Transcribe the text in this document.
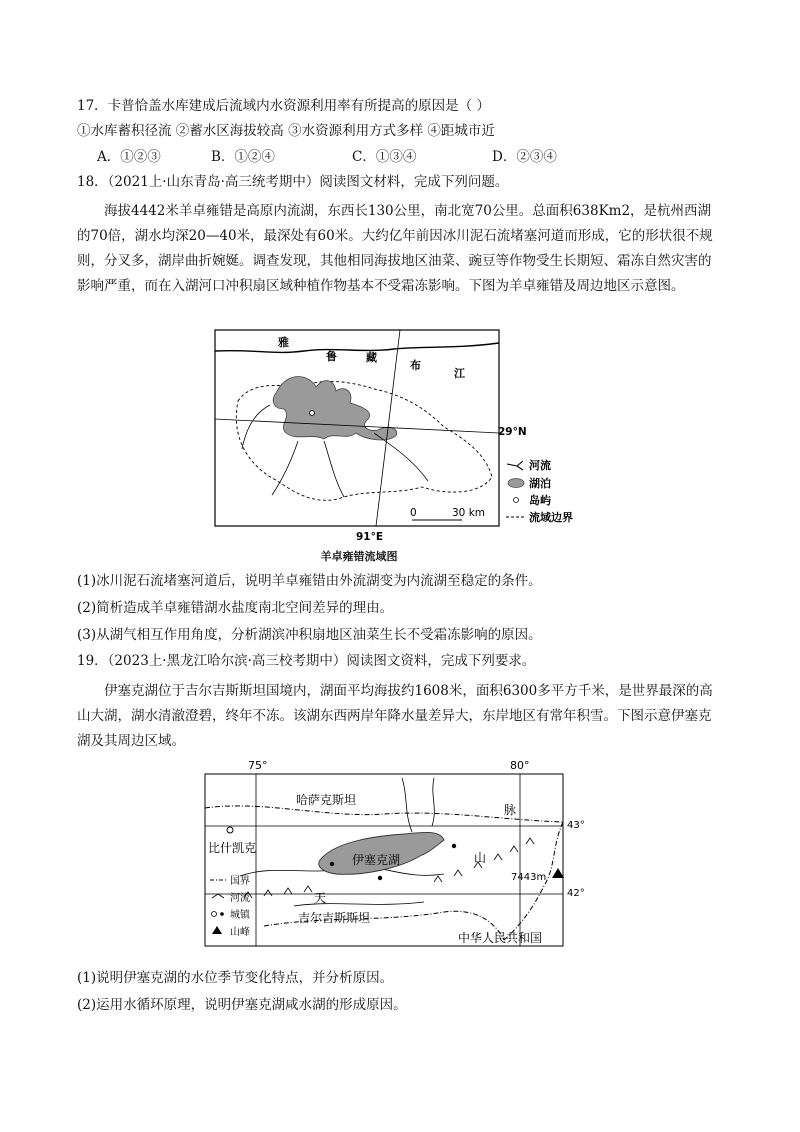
17．卡普恰盖水库建成后流域内水资源利用率有所提高的原因是（ ）
①水库蓄积径流 ②蓄水区海拔较高 ③水资源利用方式多样 ④距城市近
A．①②③	B．①②④	C．①③④	D．②③④
18．（2021上·山东青岛·高三统考期中）阅读图文材料，完成下列问题。
海拔4442米羊卓雍错是高原内流湖，东西长130公里，南北宽70公里。总面积638Km2，是杭州西湖的70倍，湖水均深20—40米，最深处有60米。大约亿年前因冰川泥石流堵塞河道而形成，它的形状很不规则，分叉多，湖岸曲折婉娫。调查发现，其他相同海拔地区油菜、豌豆等作物受生长期短、霜冻自然灾害的影响严重，而在入湖河口冲积扇区域种植作物基本不受霜冻影响。下图为羊卓雍错及周边地区示意图。
雅
鲁	藏
布
江
29°N
91°E
0	30 km
河流
湖泊
岛屿
流域边界
羊卓雍错流域图
(1)冰川泥石流堵塞河道后，说明羊卓雍错由外流湖变为内流湖至稳定的条件。
(2)简析造成羊卓雍错湖水盐度南北空间差异的理由。
(3)从湖气相互作用角度，分析湖滨冲积扇地区油菜生长不受霜冻影响的原因。
19．（2023上·黑龙江哈尔滨·高三校考期中）阅读图文资料，完成下列要求。
伊塞克湖位于吉尔吉斯斯坦国境内，湖面平均海拔约1608米，面积6300多平方千米，是世界最深的高山大湖，湖水清澈澄碧，终年不冻。该湖东西两岸年降水量差异大，东岸地区有常年积雪。下图示意伊塞克湖及其周边区域。
75°	80°
43°
42°
伊塞克湖
7443m
哈萨克斯坦
比什凯克
脉
山
天
吉尔吉斯斯坦
中华人民共和国
国界
河流
城镇
山峰
(1)说明伊塞克湖的水位季节变化特点，并分析原因。
(2)运用水循环原理，说明伊塞克湖咸水湖的形成原因。
